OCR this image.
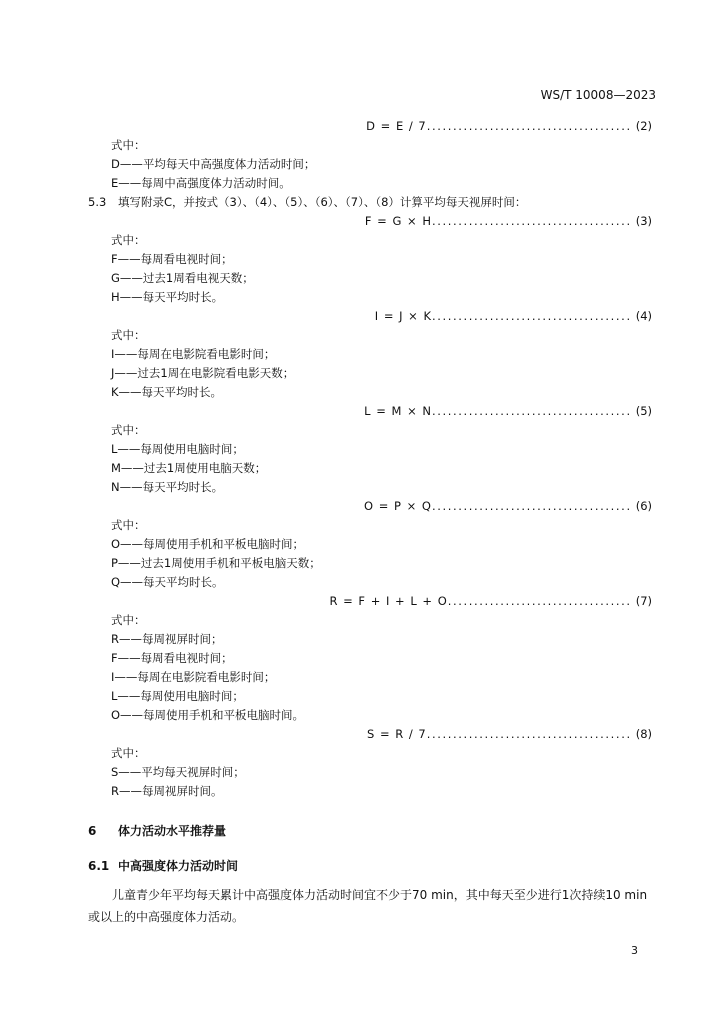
WS/T 10008—2023
D = E / 7 ....................................... (2)
式中：
D——平均每天中高强度体力活动时间；
E——每周中高强度体力活动时间。
5.3 填写附录C，并按式（3）、（4）、（5）、（6）、（7）、（8）计算平均每天视屏时间：
F = G × H ...................................... (3)
式中：
F——每周看电视时间；
G——过去1周看电视天数；
H——每天平均时长。
I = J × K ...................................... (4)
式中：
I——每周在电影院看电影时间；
J——过去1周在电影院看电影天数；
K——每天平均时长。
L = M × N ...................................... (5)
式中：
L——每周使用电脑时间；
M——过去1周使用电脑天数；
N——每天平均时长。
O = P × Q ...................................... (6)
式中：
O——每周使用手机和平板电脑时间；
P——过去1周使用手机和平板电脑天数；
Q——每天平均时长。
R = F + I + L + O ................................... (7)
式中：
R——每周视屏时间；
F——每周看电视时间；
I——每周在电影院看电影时间；
L——每周使用电脑时间；
O——每周使用手机和平板电脑时间。
S = R / 7 ....................................... (8)
式中：
S——平均每天视屏时间；
R——每周视屏时间。
6 体力活动水平推荐量
6.1 中高强度体力活动时间
儿童青少年平均每天累计中高强度体力活动时间宜不少于70 min，其中每天至少进行1次持续10 min
或以上的中高强度体力活动。
3
